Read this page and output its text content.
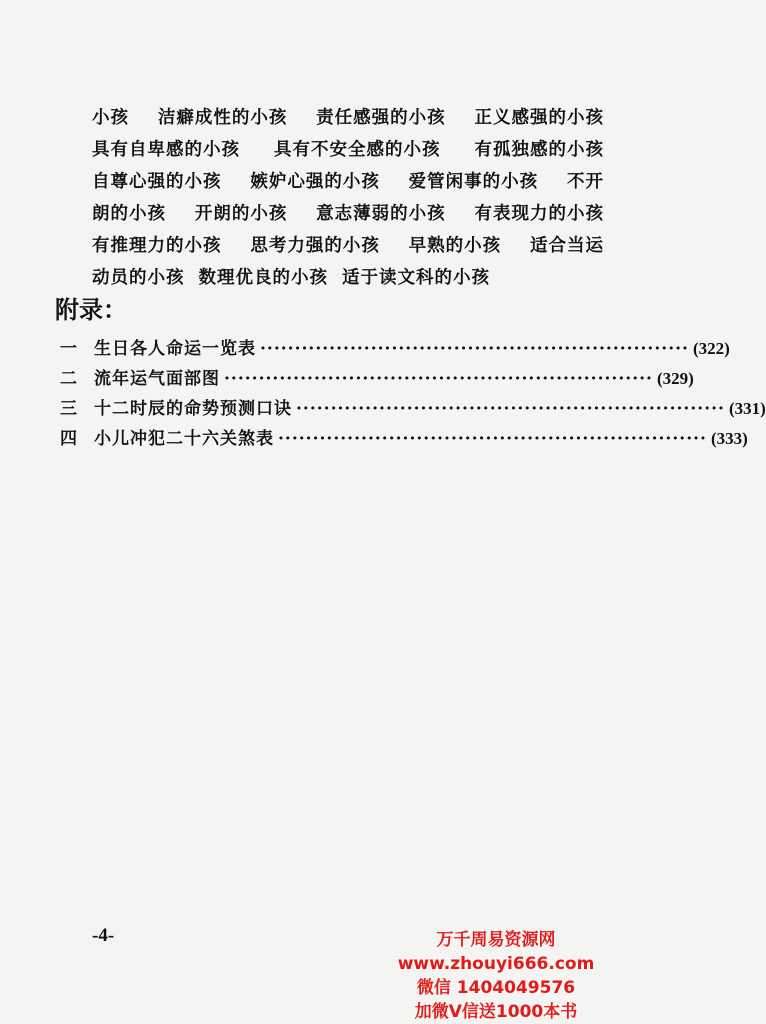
小孩 洁癖成性的小孩 责任感强的小孩 正义感强的小孩
具有自卑感的小孩 具有不安全感的小孩 有孤独感的小孩
自尊心强的小孩 嫉妒心强的小孩 爱管闲事的小孩 不开
朗的小孩 开朗的小孩 意志薄弱的小孩 有表现力的小孩
有推理力的小孩 思考力强的小孩 早熟的小孩 适合当运
动员的小孩 数理优良的小孩 适于读文科的小孩
附录：
一	生日各人命运一览表 ······························································ (322)
二	流年运气面部图 ······························································ (329)
三	十二时辰的命势预测口诀 ······························································ (331)
四	小儿冲犯二十六关煞表 ······························································ (333)
-4-	万千周易资源网
www.zhouyi666.com
微信 1404049576
加微V信送1000本书
